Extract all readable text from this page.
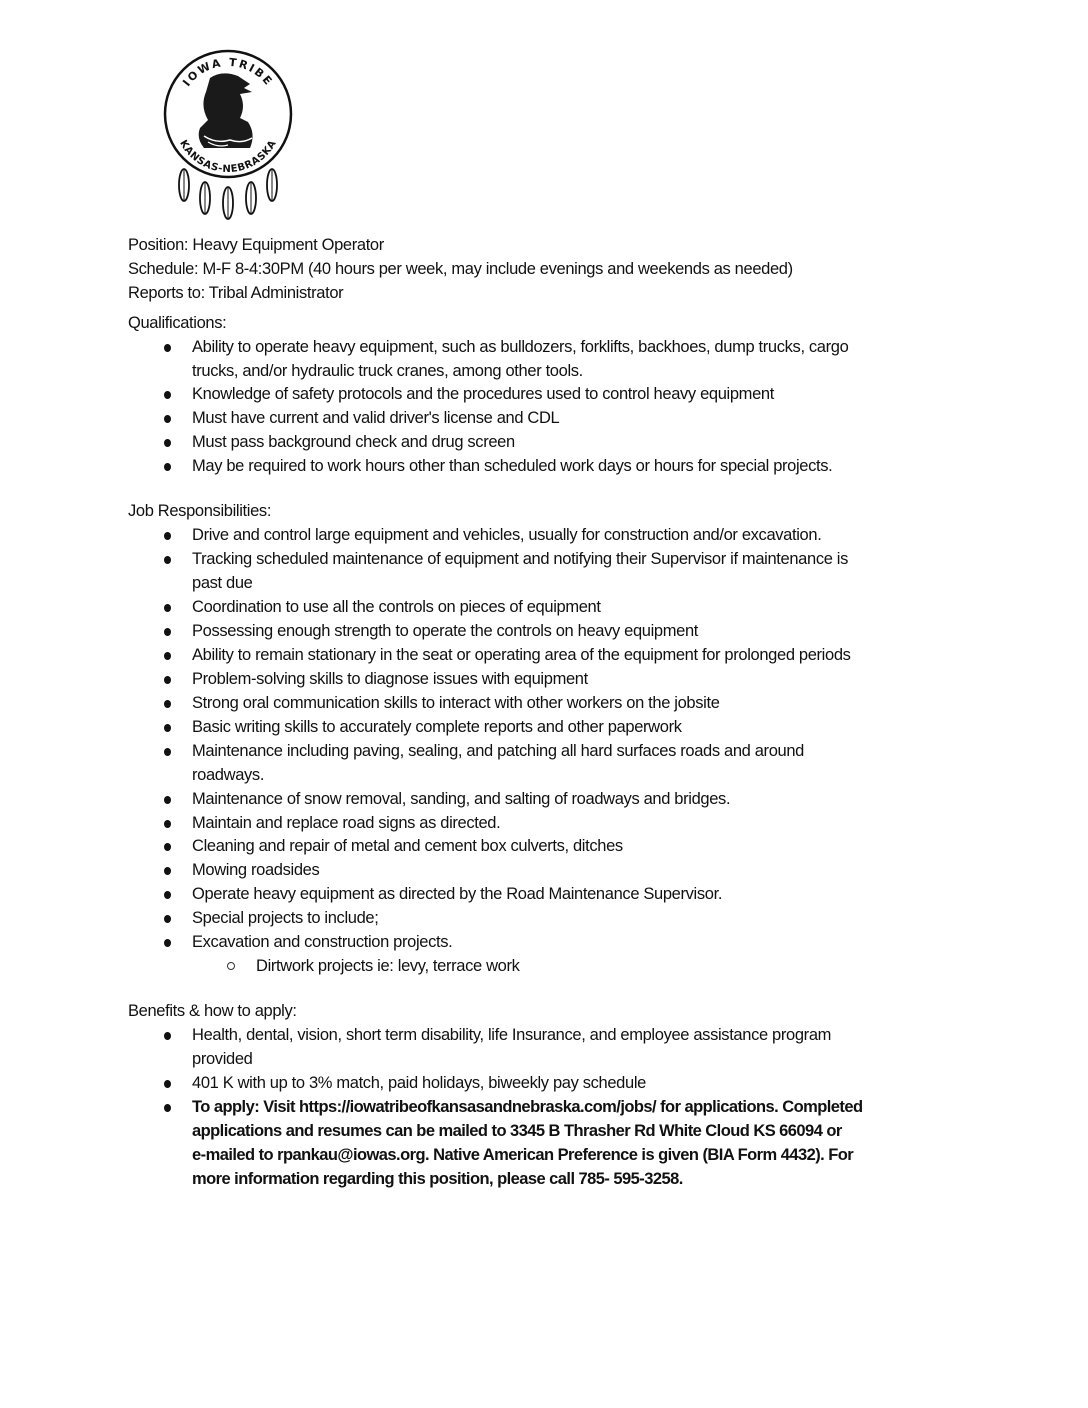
IOWA TRIBE
KANSAS-NEBRASKA
Position: Heavy Equipment Operator
Schedule: M-F 8-4:30PM (40 hours per week, may include evenings and weekends as needed)
Reports to: Tribal Administrator
Qualifications:
Ability to operate heavy equipment, such as bulldozers, forklifts, backhoes, dump trucks, cargo
trucks, and/or hydraulic truck cranes, among other tools.
Knowledge of safety protocols and the procedures used to control heavy equipment
Must have current and valid driver's license and CDL
Must pass background check and drug screen
May be required to work hours other than scheduled work days or hours for special projects.
Job Responsibilities:
Drive and control large equipment and vehicles, usually for construction and/or excavation.
Tracking scheduled maintenance of equipment and notifying their Supervisor if maintenance is
past due
Coordination to use all the controls on pieces of equipment
Possessing enough strength to operate the controls on heavy equipment
Ability to remain stationary in the seat or operating area of the equipment for prolonged periods
Problem-solving skills to diagnose issues with equipment
Strong oral communication skills to interact with other workers on the jobsite
Basic writing skills to accurately complete reports and other paperwork
Maintenance including paving, sealing, and patching all hard surfaces roads and around
roadways.
Maintenance of snow removal, sanding, and salting of roadways and bridges.
Maintain and replace road signs as directed.
Cleaning and repair of metal and cement box culverts, ditches
Mowing roadsides
Operate heavy equipment as directed by the Road Maintenance Supervisor.
Special projects to include;
Excavation and construction projects.
Dirtwork projects ie: levy, terrace work
Benefits & how to apply:
Health, dental, vision, short term disability, life Insurance, and employee assistance program
provided
401 K with up to 3% match, paid holidays, biweekly pay schedule
To apply: Visit https://iowatribeofkansasandnebraska.com/jobs/ for applications. Completed
applications and resumes can be mailed to 3345 B Thrasher Rd White Cloud KS 66094 or
e-mailed to rpankau@iowas.org. Native American Preference is given (BIA Form 4432). For
more information regarding this position, please call 785- 595-3258.
